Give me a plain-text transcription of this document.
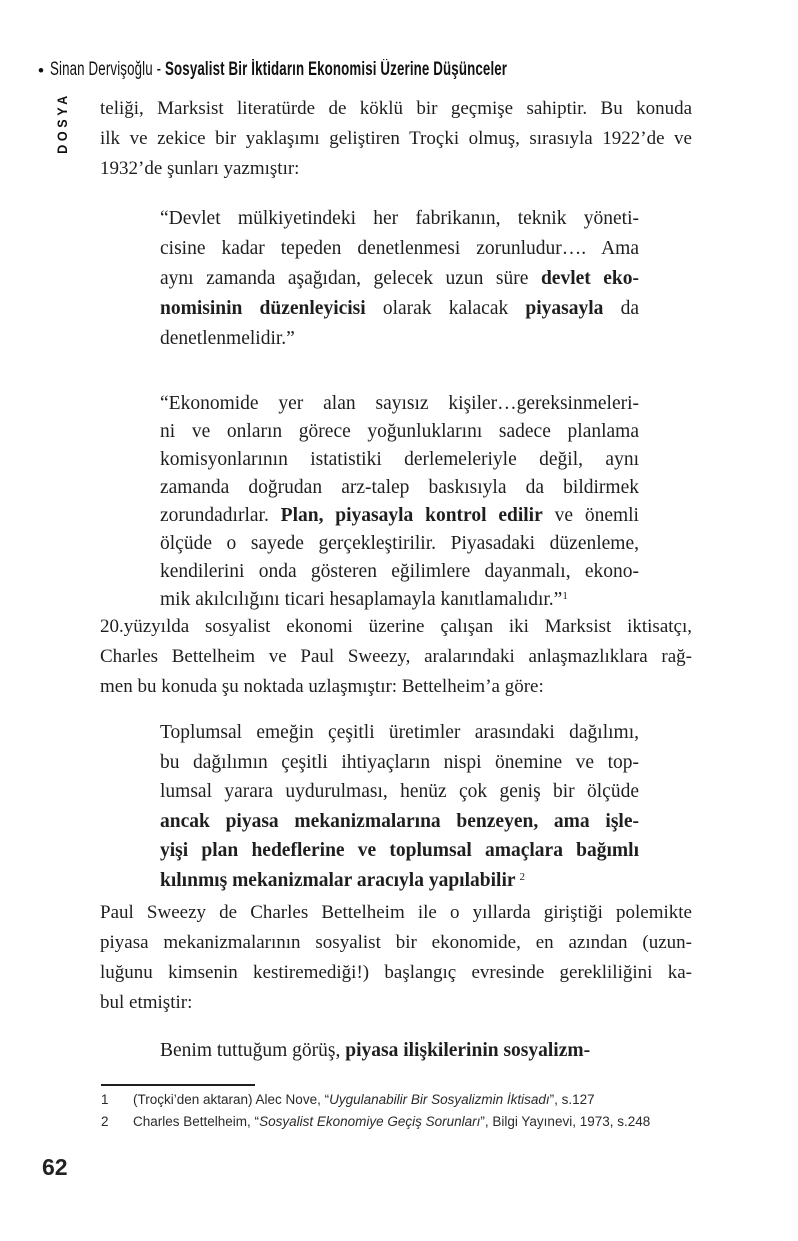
• Sinan Dervişoğlu - Sosyalist Bir İktidarın Ekonomisi Üzerine Düşünceler
DOSYA teliği, Marksist literatürde de köklü bir geçmişe sahiptir. Bu konuda
ilk ve zekice bir yaklaşımı geliştiren Troçki olmuş, sırasıyla 1922’de ve
1932’de şunları yazmıştır:
“Devlet mülkiyetindeki her fabrikanın, teknik yöneti-
cisine kadar tepeden denetlenmesi zorunludur…. Ama
aynı zamanda aşağıdan, gelecek uzun süre devlet eko-
nomisinin düzenleyicisi olarak kalacak piyasayla da
denetlenmelidir.”
“Ekonomide yer alan sayısız kişiler…gereksinmeleri-
ni ve onların görece yoğunluklarını sadece planlama
komisyonlarının istatistiki derlemeleriyle değil, aynı
zamanda doğrudan arz-talep baskısıyla da bildirmek
zorundadırlar. Plan, piyasayla kontrol edilir ve önemli
ölçüde o sayede gerçekleştirilir. Piyasadaki düzenleme,
kendilerini onda gösteren eğilimlere dayanmalı, ekono-
mik akılcılığını ticari hesaplamayla kanıtlamalıdır.”$^1$
20.yüzyılda sosyalist ekonomi üzerine çalışan iki Marksist iktisatçı,
Charles Bettelheim ve Paul Sweezy, aralarındaki anlaşmazlıklara rağ-
men bu konuda şu noktada uzlaşmıştır: Bettelheim’a göre:
Toplumsal emeğin çeşitli üretimler arasındaki dağılımı,
bu dağılımın çeşitli ihtiyaçların nispi önemine ve top-
lumsal yarara uydurulması, henüz çok geniş bir ölçüde
ancak piyasa mekanizmalarına benzeyen, ama işle-
yişi plan hedeflerine ve toplumsal amaçlara bağımlı
kılınmış mekanizmalar aracıyla yapılabilir $^2$
Paul Sweezy de Charles Bettelheim ile o yıllarda giriştiği polemikte
piyasa mekanizmalarının sosyalist bir ekonomide, en azından (uzun-
luğunu kimsenin kestiremediği!) başlangıç evresinde gerekliliğini ka-
bul etmiştir:
Benim tuttuğum görüş, piyasa ilişkilerinin sosyalizm-
1	(Troçki’den aktaran) Alec Nove, “Uygulanabilir Bir Sosyalizmin İktisadı”, s.127
2	Charles Bettelheim, “Sosyalist Ekonomiye Geçiş Sorunları”, Bilgi Yayınevi, 1973, s.248
62
